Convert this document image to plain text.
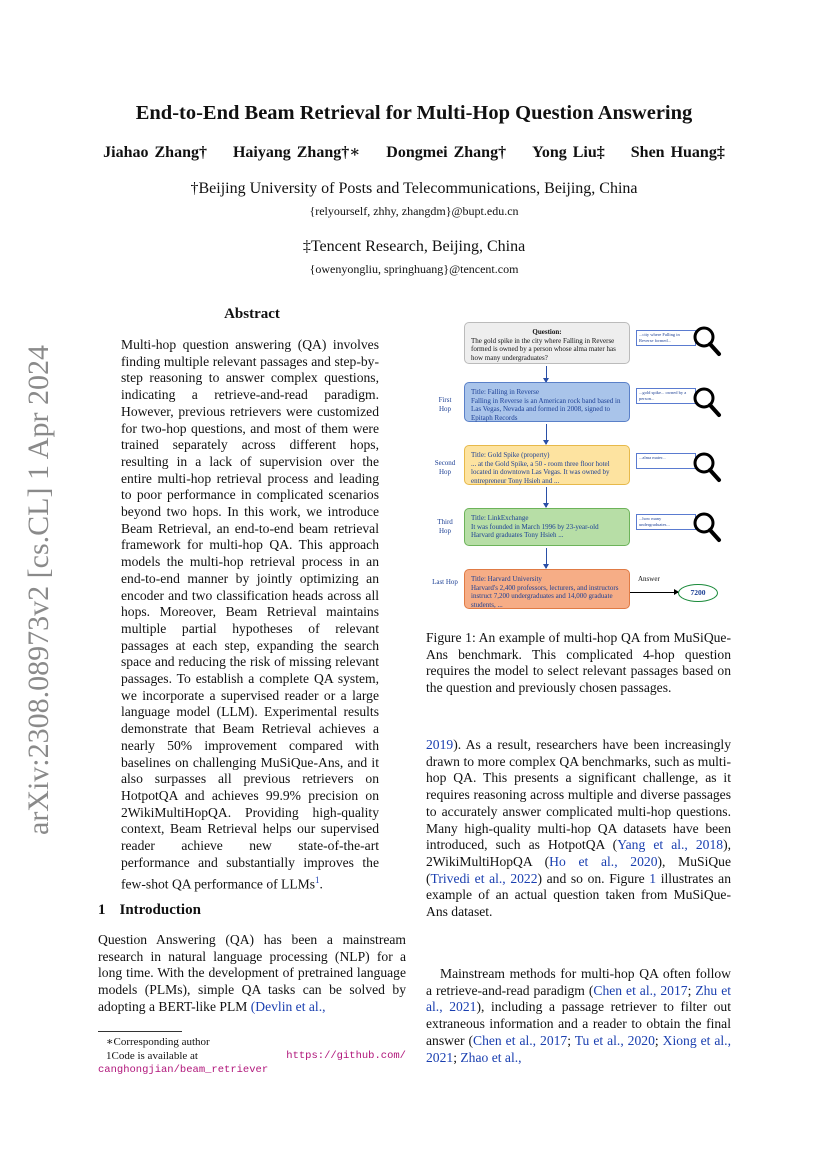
arXiv:2308.08973v2 [cs.CL] 1 Apr 2024
End-to-End Beam Retrieval for Multi-Hop Question Answering
Jiahao Zhang† Haiyang Zhang†∗ Dongmei Zhang† Yong Liu‡ Shen Huang‡
†Beijing University of Posts and Telecommunications, Beijing, China
{relyourself, zhhy, zhangdm}@bupt.edu.cn
‡Tencent Research, Beijing, China
{owenyongliu, springhuang}@tencent.com
Abstract
Multi-hop question answering (QA) involves finding multiple relevant passages and step-by-step reasoning to answer complex questions, indicating a retrieve-and-read paradigm. However, previous retrievers were customized for two-hop questions, and most of them were trained separately across different hops, resulting in a lack of supervision over the entire multi-hop retrieval process and leading to poor performance in complicated scenarios beyond two hops. In this work, we introduce Beam Retrieval, an end-to-end beam retrieval framework for multi-hop QA. This approach models the multi-hop retrieval process in an end-to-end manner by jointly optimizing an encoder and two classification heads across all hops. Moreover, Beam Retrieval maintains multiple partial hypotheses of relevant passages at each step, expanding the search space and reducing the risk of missing relevant passages. To establish a complete QA system, we incorporate a supervised reader or a large language model (LLM). Experimental results demonstrate that Beam Retrieval achieves a nearly 50% improvement compared with baselines on challenging MuSiQue-Ans, and it also surpasses all previous retrievers on HotpotQA and achieves 99.9% precision on 2WikiMultiHopQA. Providing high-quality context, Beam Retrieval helps our supervised reader achieve new state-of-the-art performance and substantially improves the few-shot QA performance of LLMs$^1$.
1 Introduction
Question Answering (QA) has been a mainstream research in natural language processing (NLP) for a long time. With the development of pretrained language models (PLMs), simple QA tasks can be solved by adopting a BERT-like PLM (Devlin et al.,
∗Corresponding author
1Code is available at	https://github.com/
canghongjian/beam_retriever
Question:
The gold spike in the city where Falling in Reverse formed is owned by a person whose alma mater has how many undergraduates?
...city where Falling in Reverse formed...
First Hop
Title: Falling in Reverse
Falling in Reverse is an American rock band based in Las Vegas, Nevada and formed in 2008, signed to Epitaph Records
...gold spike... owned by a person...
Second Hop
Title: Gold Spike (property)
... at the Gold Spike, a 50 - room three floor hotel located in downtown Las Vegas. It was owned by entrepreneur Tony Hsieh and ...
...alma mater...
Third Hop
Title: LinkExchange
It was founded in March 1996 by 23-year-old Harvard graduates Tony Hsieh ...
...how many undergraduates...
Last Hop Title: Harvard University
Harvard's 2,400 professors, lecturers, and instructors instruct 7,200 undergraduates and 14,000 graduate students, ...
Answer
7200
Figure 1: An example of multi-hop QA from MuSiQue-Ans benchmark. This complicated 4-hop question requires the model to select relevant passages based on the question and previously chosen passages.
2019). As a result, researchers have been increasingly drawn to more complex QA benchmarks, such as multi-hop QA. This presents a significant challenge, as it requires reasoning across multiple and diverse passages to accurately answer complicated multi-hop questions. Many high-quality multi-hop QA datasets have been introduced, such as HotpotQA (Yang et al., 2018), 2WikiMultiHopQA (Ho et al., 2020), MuSiQue (Trivedi et al., 2022) and so on. Figure 1 illustrates an example of an actual question taken from MuSiQue-Ans dataset.
Mainstream methods for multi-hop QA often follow a retrieve-and-read paradigm (Chen et al., 2017; Zhu et al., 2021), including a passage retriever to filter out extraneous information and a reader to obtain the final answer (Chen et al., 2017; Tu et al., 2020; Xiong et al., 2021; Zhao et al.,
